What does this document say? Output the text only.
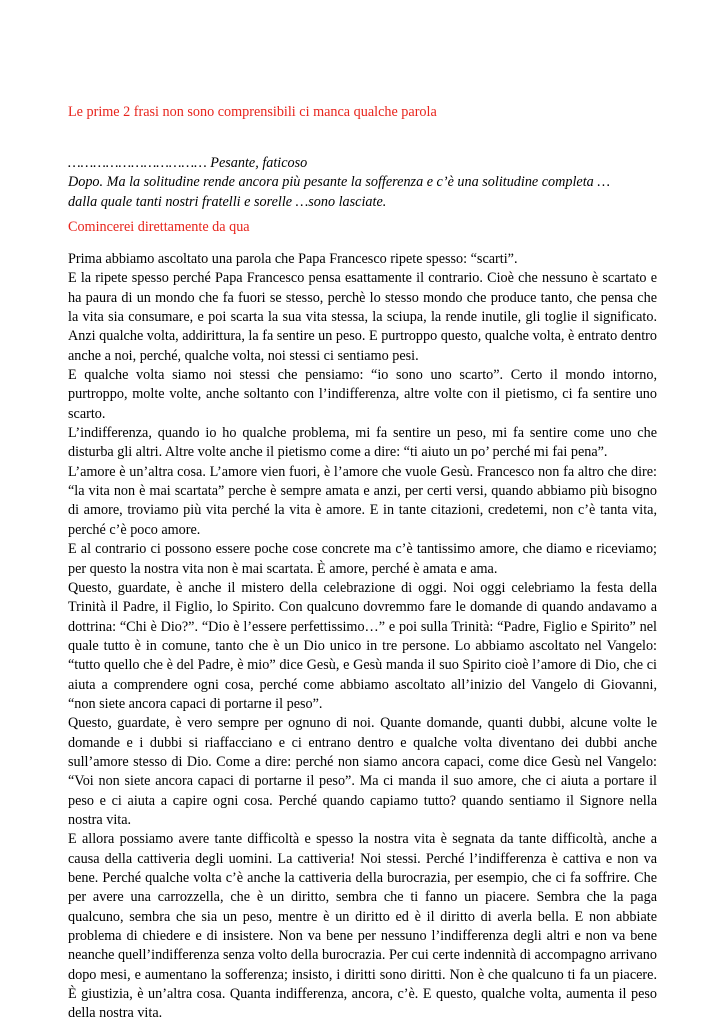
Le prime 2 frasi non sono comprensibili ci manca qualche parola
…………………………… Pesante, faticoso
Dopo. Ma la solitudine rende ancora più pesante la sofferenza e c’è una solitudine completa …
dalla quale tanti nostri fratelli e sorelle …sono lasciate.
Comincerei direttamente da qua

Prima abbiamo ascoltato una parola che Papa Francesco ripete spesso: “scarti”.

E la ripete spesso perché Papa Francesco pensa esattamente il contrario. Cioè che nessuno è scartato e ha paura di un mondo che fa fuori se stesso, perchè lo stesso mondo che produce tanto, che pensa che la vita sia consumare, e poi scarta la sua vita stessa, la sciupa, la rende inutile, gli toglie il significato. Anzi qualche volta, addirittura, la fa sentire un peso. E purtroppo questo, qualche volta, è entrato dentro anche a noi, perché, qualche volta, noi stessi ci sentiamo pesi.

E qualche volta siamo noi stessi che pensiamo: “io sono uno scarto”. Certo il mondo intorno, purtroppo, molte volte, anche soltanto con l’indifferenza, altre volte con il pietismo, ci fa sentire uno scarto.

L’indifferenza, quando io ho qualche problema, mi fa sentire un peso, mi fa sentire come uno che disturba gli altri. Altre volte anche il pietismo come a dire: “ti aiuto un po’ perché mi fai pena”.

L’amore è un’altra cosa. L’amore vien fuori, è l’amore che vuole Gesù. Francesco non fa altro che dire: “la vita non è mai scartata” perche è sempre amata e anzi, per certi versi, quando abbiamo più bisogno di amore, troviamo più vita perché la vita è amore. E in tante citazioni, credetemi, non c’è tanta vita, perché c’è poco amore.

E al contrario ci possono essere poche cose concrete ma c’è tantissimo amore, che diamo e riceviamo; per questo la nostra vita non è mai scartata. È amore, perché è amata e ama.

Questo, guardate, è anche il mistero della celebrazione di oggi. Noi oggi celebriamo la festa della Trinità il Padre, il Figlio, lo Spirito. Con qualcuno dovremmo fare le domande di quando andavamo a dottrina: “Chi è Dio?”. “Dio è l’essere perfettissimo…” e poi sulla Trinità: “Padre, Figlio e Spirito” nel quale tutto è in comune, tanto che è un Dio unico in tre persone. Lo abbiamo ascoltato nel Vangelo: “tutto quello che è del Padre, è mio” dice Gesù, e Gesù manda il suo Spirito cioè l’amore di Dio, che ci aiuta a comprendere ogni cosa, perché come abbiamo ascoltato all’inizio del Vangelo di Giovanni, “non siete ancora capaci di portarne il peso”.

Questo, guardate, è vero sempre per ognuno di noi. Quante domande, quanti dubbi, alcune volte le domande e i dubbi si riaffacciano e ci entrano dentro e qualche volta diventano dei dubbi anche sull’amore stesso di Dio. Come a dire: perché non siamo ancora capaci, come dice Gesù nel Vangelo: “Voi non siete ancora capaci di portarne il peso”. Ma ci manda il suo amore, che ci aiuta a portare il peso e ci aiuta a capire ogni cosa. Perché quando capiamo tutto? quando sentiamo il Signore nella nostra vita.

E allora possiamo avere tante difficoltà e spesso la nostra vita è segnata da tante difficoltà, anche a causa della cattiveria degli uomini. La cattiveria! Noi stessi. Perché l’indifferenza è cattiva e non va bene. Perché qualche volta c’è anche la cattiveria della burocrazia, per esempio, che ci fa soffrire. Che per avere una carrozzella, che è un diritto, sembra che ti fanno un piacere. Sembra che la paga qualcuno, sembra che sia un peso, mentre è un diritto ed è il diritto di averla bella. E non abbiate problema di chiedere e di insistere. Non va bene per nessuno l’indifferenza degli altri e non va bene neanche quell’indifferenza senza volto della burocrazia. Per cui certe indennità di accompagno arrivano dopo mesi, e aumentano la sofferenza; insisto, i diritti sono diritti. Non è che qualcuno ti fa un piacere. È giustizia, è un’altra cosa. Quanta indifferenza, ancora, c’è. E questo, qualche volta, aumenta il peso della nostra vita.
